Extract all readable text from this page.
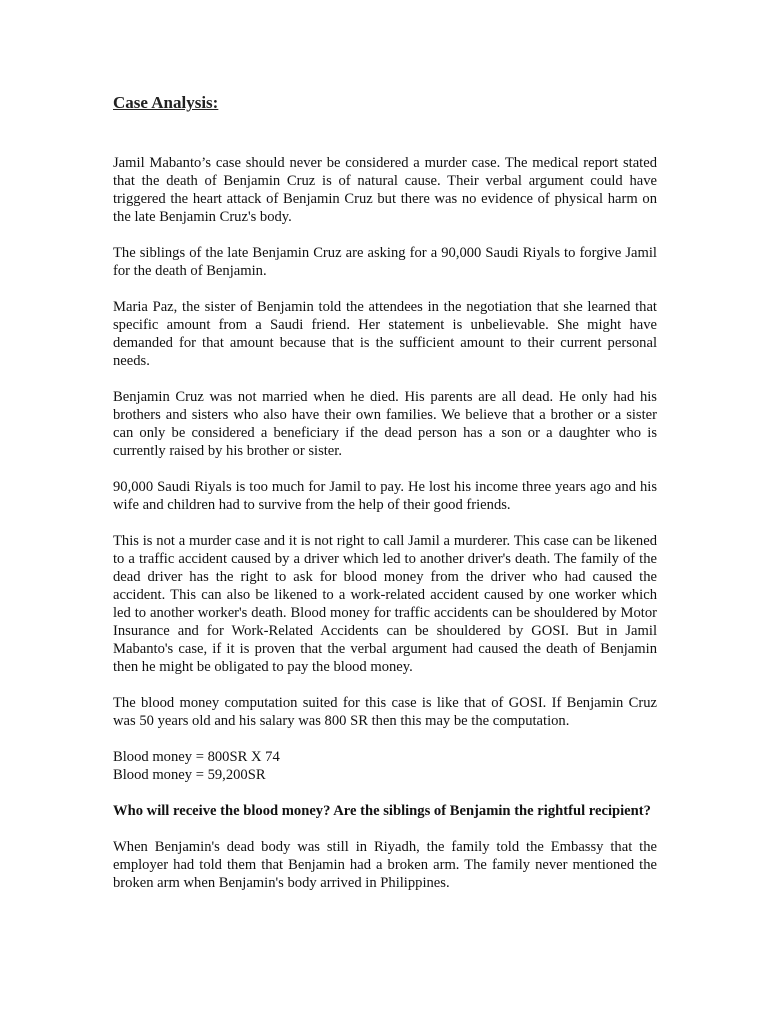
Case Analysis:

Jamil Mabanto’s case should never be considered a murder case. The medical report stated that the death of Benjamin Cruz is of natural cause. Their verbal argument could have triggered the heart attack of Benjamin Cruz but there was no evidence of physical harm on the late Benjamin Cruz's body.

The siblings of the late Benjamin Cruz are asking for a 90,000 Saudi Riyals to forgive Jamil for the death of Benjamin.

Maria Paz, the sister of Benjamin told the attendees in the negotiation that she learned that specific amount from a Saudi friend. Her statement is unbelievable. She might have demanded for that amount because that is the sufficient amount to their current personal needs.

Benjamin Cruz was not married when he died. His parents are all dead. He only had his brothers and sisters who also have their own families. We believe that a brother or a sister can only be considered a beneficiary if the dead person has a son or a daughter who is currently raised by his brother or sister.

90,000 Saudi Riyals is too much for Jamil to pay. He lost his income three years ago and his wife and children had to survive from the help of their good friends.

This is not a murder case and it is not right to call Jamil a murderer. This case can be likened to a traffic accident caused by a driver which led to another driver's death. The family of the dead driver has the right to ask for blood money from the driver who had caused the accident. This can also be likened to a work-related accident caused by one worker which led to another worker's death. Blood money for traffic accidents can be shouldered by Motor Insurance and for Work-Related Accidents can be shouldered by GOSI. But in Jamil Mabanto's case, if it is proven that the verbal argument had caused the death of Benjamin then he might be obligated to pay the blood money.

The blood money computation suited for this case is like that of GOSI. If Benjamin Cruz was 50 years old and his salary was 800 SR then this may be the computation.

Blood money = 800SR X 74
Blood money = 59,200SR

Who will receive the blood money? Are the siblings of Benjamin the rightful recipient?

When Benjamin's dead body was still in Riyadh, the family told the Embassy that the employer had told them that Benjamin had a broken arm. The family never mentioned the broken arm when Benjamin's body arrived in Philippines.
